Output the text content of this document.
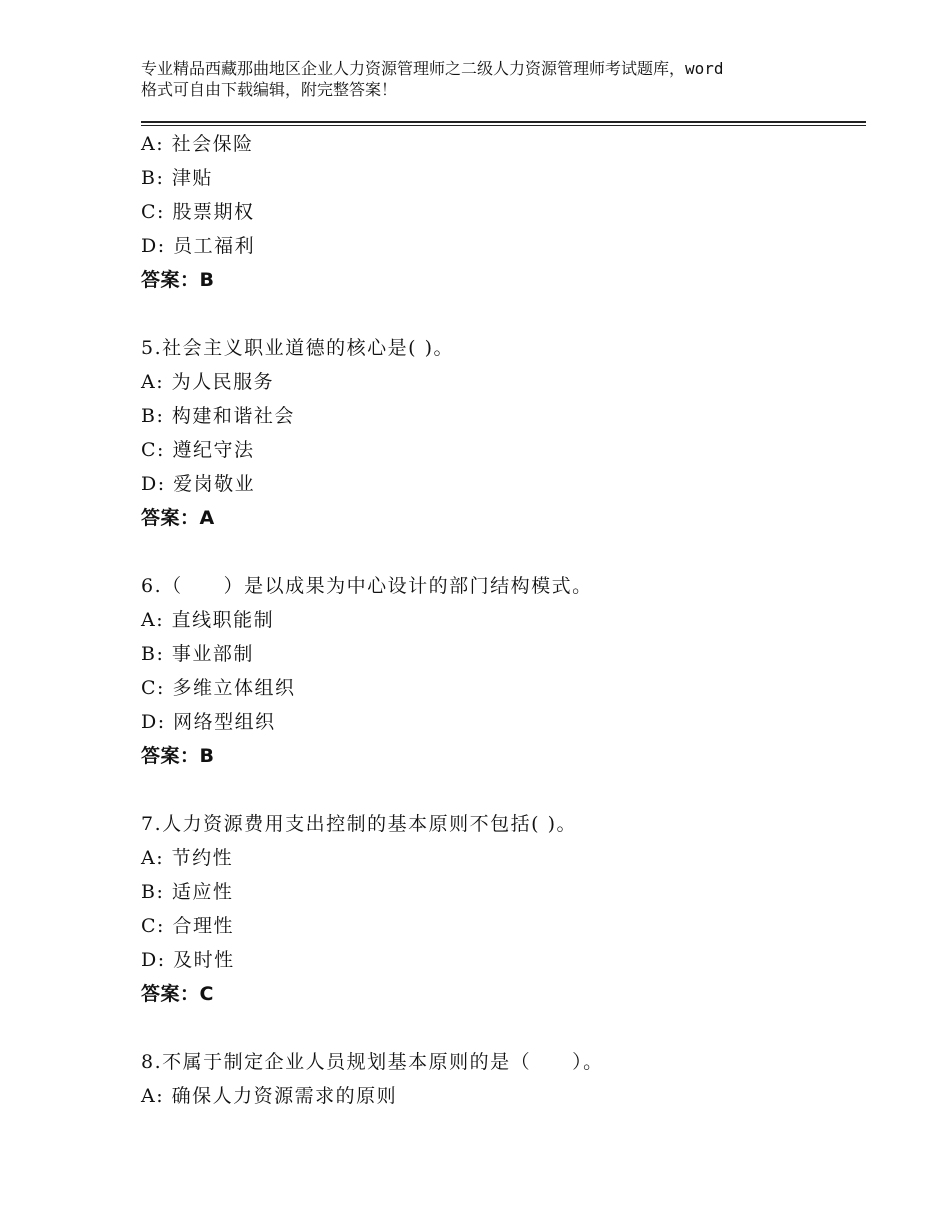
专业精品西藏那曲地区企业人力资源管理师之二级人力资源管理师考试题库，word
格式可自由下载编辑，附完整答案！
A: 社会保险
B: 津贴
C: 股票期权
D: 员工福利
答案：B
5.社会主义职业道德的核心是( )。
A: 为人民服务
B: 构建和谐社会
C: 遵纪守法
D: 爱岗敬业
答案：A
6.（　　）是以成果为中心设计的部门结构模式。
A: 直线职能制
B: 事业部制
C: 多维立体组织
D: 网络型组织
答案：B
7.人力资源费用支出控制的基本原则不包括( )。
A: 节约性
B: 适应性
C: 合理性
D: 及时性
答案：C
8.不属于制定企业人员规划基本原则的是（　　）。
A: 确保人力资源需求的原则
